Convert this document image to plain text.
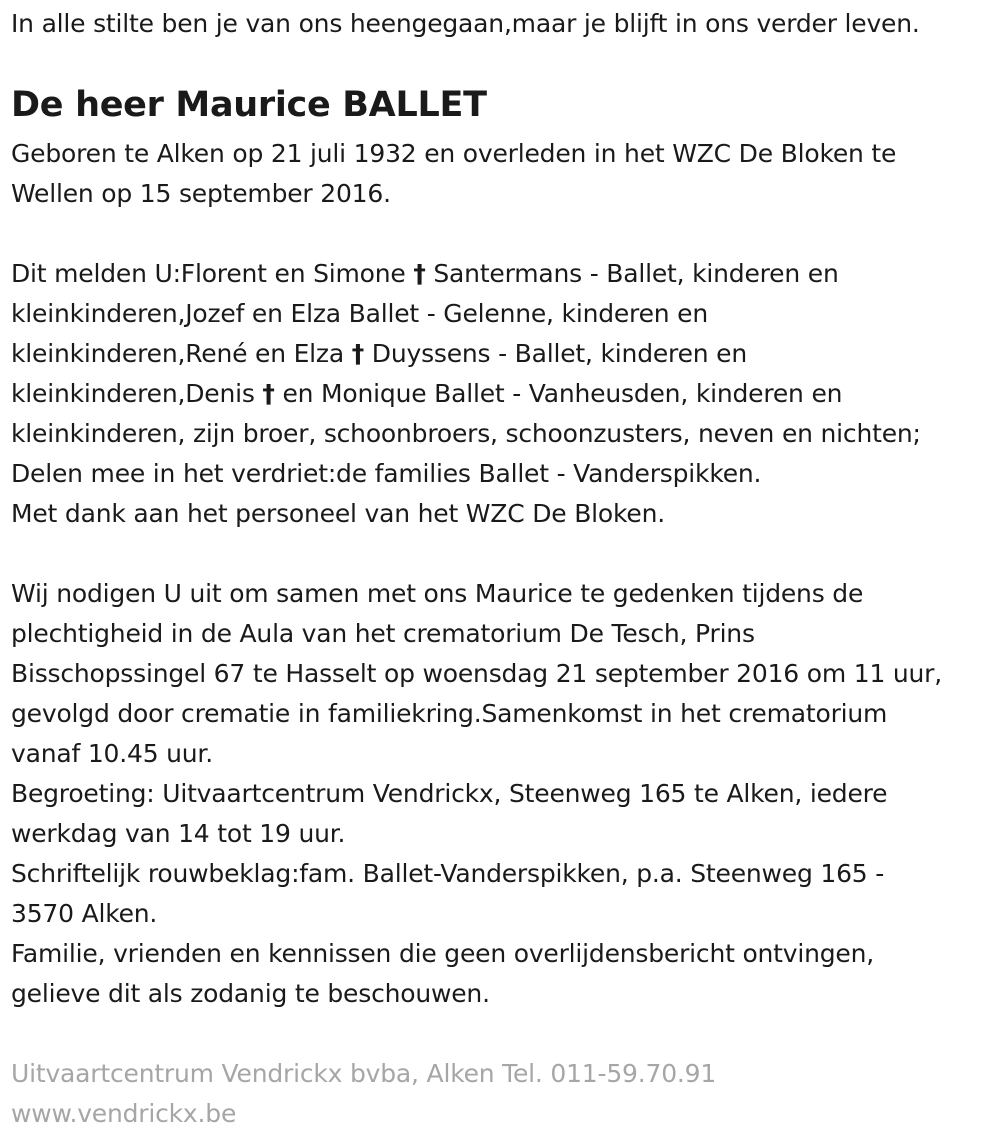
In alle stilte ben je van ons heengegaan,maar je blijft in ons verder leven.
De heer Maurice BALLET
Geboren te Alken op 21 juli 1932 en overleden in het WZC De Bloken te
Wellen op 15 september 2016.
Dit melden U:Florent en Simone † Santermans - Ballet, kinderen en
kleinkinderen,Jozef en Elza Ballet - Gelenne, kinderen en
kleinkinderen,René en Elza † Duyssens - Ballet, kinderen en
kleinkinderen,Denis † en Monique Ballet - Vanheusden, kinderen en
kleinkinderen, zijn broer, schoonbroers, schoonzusters, neven en nichten;
Delen mee in het verdriet:de families Ballet - Vanderspikken.
Met dank aan het personeel van het WZC De Bloken.
Wij nodigen U uit om samen met ons Maurice te gedenken tijdens de
plechtigheid in de Aula van het crematorium De Tesch, Prins
Bisschopssingel 67 te Hasselt op woensdag 21 september 2016 om 11 uur,
gevolgd door crematie in familiekring.Samenkomst in het crematorium
vanaf 10.45 uur.
Begroeting: Uitvaartcentrum Vendrickx, Steenweg 165 te Alken, iedere
werkdag van 14 tot 19 uur.
Schriftelijk rouwbeklag:fam. Ballet-Vanderspikken, p.a. Steenweg 165 -
3570 Alken.
Familie, vrienden en kennissen die geen overlijdensbericht ontvingen,
gelieve dit als zodanig te beschouwen.
Uitvaartcentrum Vendrickx bvba, Alken Tel. 011-59.70.91
www.vendrickx.be
